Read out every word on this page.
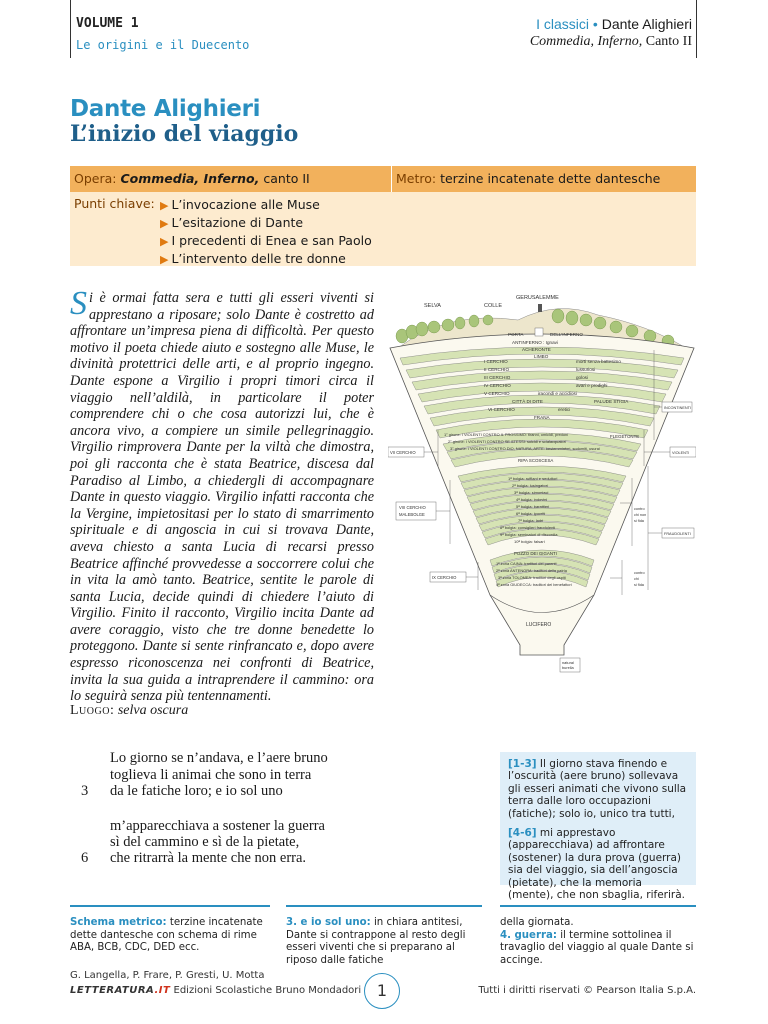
VOLUME 1
Le origini e il Duecento
I classici • Dante Alighieri
Commedia, Inferno, Canto II
Dante Alighieri
L’inizio del viaggio
Opera: Commedia, Inferno, canto II	Metro: terzine incatenate dette dantesche
Punti chiave: ▶ L’invocazione alle Muse
▶ L’esitazione di Dante
▶ I precedenti di Enea e san Paolo
▶ L’intervento delle tre donne
Si è ormai fatta sera e tutti gli esseri viventi si apprestano a riposare; solo Dante è costretto ad affrontare un’impresa piena di difficoltà. Per questo motivo il poeta chiede aiuto e sostegno alle Muse, le divinità protettrici delle arti, e al proprio ingegno. Dante espone a Virgilio i propri timori circa il viaggio nell’aldilà, in particolare il poter comprendere chi o che cosa autorizzi lui, che è ancora vivo, a compiere un simile pellegrinaggio. Virgilio rimprovera Dante per la viltà che dimostra, poi gli racconta che è stata Beatrice, discesa dal Paradiso al Limbo, a chiedergli di accompagnare Dante in questo viaggio. Virgilio infatti racconta che la Vergine, impietositasi per lo stato di smarrimento spirituale e di angoscia in cui si trovava Dante, aveva chiesto a santa Lucia di recarsi presso Beatrice affinché provvedesse a soccorrere colui che in vita la amò tanto. Beatrice, sentite le parole di santa Lucia, decide quindi di chiedere l’aiuto di Virgilio. Finito il racconto, Virgilio incita Dante ad avere coraggio, visto che tre donne benedette lo proteggono. Dante si sente rinfrancato e, dopo avere espresso riconoscenza nei confronti di Beatrice, invita la sua guida a intraprendere il cammino: ora lo seguirà senza più tentennamenti.
Luogo: selva oscura
SELVA	COLLE
GERUSALEMME
PORTA	DELL’INFERNO
ANTINFERNO : Ignavi
ACHERONTE
LIMBO
I CERCHIO	morti senza battesimo
II CERCHIO	lussuriosi
III CERCHIO	golosi
IV CERCHIO	avari e prodighi
V CERCHIO	iracondi e accidiosi
CITTÀ DI DITE	PALUDE STIGIA
VI CERCHIO	eretici
FRANA
1° girone: I VIOLENTI CONTRO IL PROSSIMO: tiranni, omicidi, predoni
2° girone: I VIOLENTI CONTRO SE STESSI: suicidi e scialacquatori
3° girone: I VIOLENTI CONTRO DIO, NATURA, ARTE: bestemmiatori, sodomiti, usurai
FLEGETONTE
RIPA SCOSCESA
1ª bolgia: ruffiani e seduttori
2ª bolgia: lusingatori
3ª bolgia: simoniaci
4ª bolgia: indovini
5ª bolgia: barattieri
6ª bolgia: ipocriti
7ª bolgia: ladri
8ª bolgia: consiglieri fraudolenti
9ª bolgia: seminatori di discordia
10ª bolgia: falsari
POZZO DEI GIGANTI
1ª zona CAINA: traditori dei parenti
2ª zona ANTENORA: traditori della patria
3ª zona TOLOMEA: traditori degli ospiti
4ª zona GIUDECCA: traditori dei benefattori
LUCIFERO
natural
burella
VII CERCHIO
VIII CERCHIO
MALEBOLGE
IX CERCHIO
INCONTINENTI
VIOLENTI
FRAUDOLENTI
contro
chi non
si fida
contro
chi
si fida
Lo giorno se n’andava, e l’aere bruno
toglieva li animai che sono in terra
3 da le fatiche loro; e io sol uno
m’apparecchiava a sostener la guerra
sì del cammino e sì de la pietate,
6 che ritrarrà la mente che non erra.

[1-3] Il giorno stava finendo e l’oscurità (aere bruno) sollevava gli esseri animati che vivono sulla terra dalle loro occupazioni (fatiche); solo io, unico tra tutti,

[4-6] mi apprestavo (apparecchiava) ad affrontare (sostener) la dura prova (guerra) sia del viaggio, sia dell’angoscia (pietate), che la memoria (mente), che non sbaglia, riferirà.

Schema metrico: terzine incatenate dette dantesche con schema di rime ABA, BCB, CDC, DED ecc.
3. e io sol uno: in chiara antitesi, Dante si contrappone al resto degli esseri viventi che si preparano al riposo dalle fatiche
della giornata.
4. guerra: il termine sottolinea il travaglio del viaggio al quale Dante si accinge.
G. Langella, P. Frare, P. Gresti, U. Motta
LETTERATURA.IT Edizioni Scolastiche Bruno Mondadori 1	Tutti i diritti riservati © Pearson Italia S.p.A.
